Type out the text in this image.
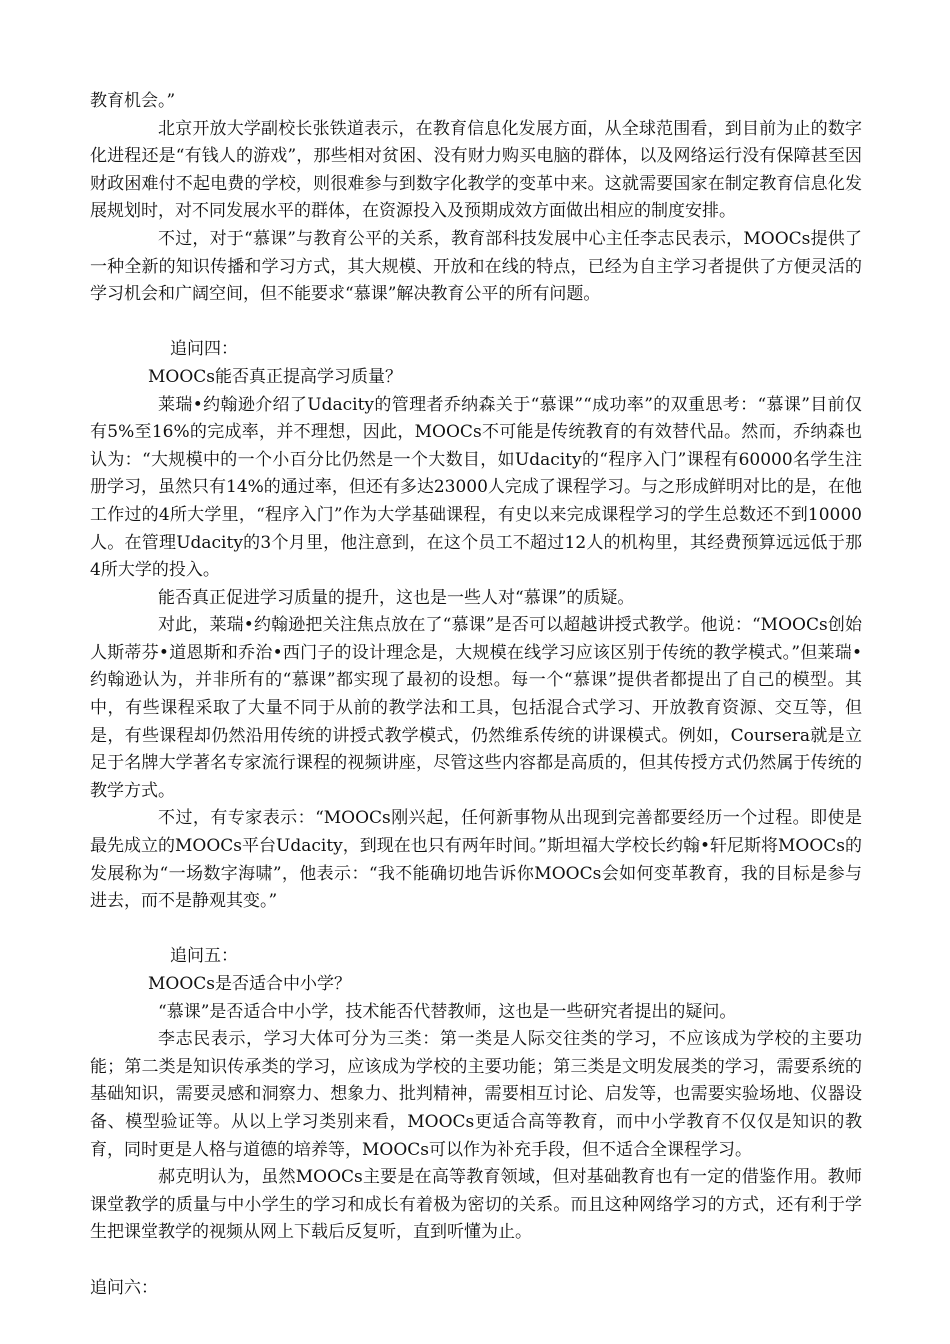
教育机会。”

北京开放大学副校长张铁道表示，在教育信息化发展方面，从全球范围看，到目前为止的数字化进程还是“有钱人的游戏”，那些相对贫困、没有财力购买电脑的群体，以及网络运行没有保障甚至因财政困难付不起电费的学校，则很难参与到数字化教学的变革中来。这就需要国家在制定教育信息化发展规划时，对不同发展水平的群体，在资源投入及预期成效方面做出相应的制度安排。

不过，对于“慕课”与教育公平的关系，教育部科技发展中心主任李志民表示，MOOCs提供了一种全新的知识传播和学习方式，其大规模、开放和在线的特点，已经为自主学习者提供了方便灵活的学习机会和广阔空间，但不能要求“慕课”解决教育公平的所有问题。

追问四：

MOOCs能否真正提高学习质量？

莱瑞•约翰逊介绍了Udacity的管理者乔纳森关于“慕课”“成功率”的双重思考：“慕课”目前仅有5%至16%的完成率，并不理想，因此，MOOCs不可能是传统教育的有效替代品。然而，乔纳森也认为：“大规模中的一个小百分比仍然是一个大数目，如Udacity的“程序入门”课程有60000名学生注册学习，虽然只有14%的通过率，但还有多达23000人完成了课程学习。与之形成鲜明对比的是，在他工作过的4所大学里，“程序入门”作为大学基础课程，有史以来完成课程学习的学生总数还不到10000人。在管理Udacity的3个月里，他注意到，在这个员工不超过12人的机构里，其经费预算远远低于那4所大学的投入。

能否真正促进学习质量的提升，这也是一些人对“慕课”的质疑。

对此，莱瑞•约翰逊把关注焦点放在了“慕课”是否可以超越讲授式教学。他说：“MOOCs创始人斯蒂芬•道恩斯和乔治•西门子的设计理念是，大规模在线学习应该区别于传统的教学模式。”但莱瑞•约翰逊认为，并非所有的“慕课”都实现了最初的设想。每一个“慕课”提供者都提出了自己的模型。其中，有些课程采取了大量不同于从前的教学法和工具，包括混合式学习、开放教育资源、交互等，但是，有些课程却仍然沿用传统的讲授式教学模式，仍然维系传统的讲课模式。例如，Coursera就是立足于名牌大学著名专家流行课程的视频讲座，尽管这些内容都是高质的，但其传授方式仍然属于传统的教学方式。

不过，有专家表示：“MOOCs刚兴起，任何新事物从出现到完善都要经历一个过程。即使是最先成立的MOOCs平台Udacity，到现在也只有两年时间。”斯坦福大学校长约翰•轩尼斯将MOOCs的发展称为“一场数字海啸”，他表示：“我不能确切地告诉你MOOCs会如何变革教育，我的目标是参与进去，而不是静观其变。”

追问五：

MOOCs是否适合中小学？

“慕课”是否适合中小学，技术能否代替教师，这也是一些研究者提出的疑问。

李志民表示，学习大体可分为三类：第一类是人际交往类的学习，不应该成为学校的主要功能；第二类是知识传承类的学习，应该成为学校的主要功能；第三类是文明发展类的学习，需要系统的基础知识，需要灵感和洞察力、想象力、批判精神，需要相互讨论、启发等，也需要实验场地、仪器设备、模型验证等。从以上学习类别来看，MOOCs更适合高等教育，而中小学教育不仅仅是知识的教育，同时更是人格与道德的培养等，MOOCs可以作为补充手段，但不适合全课程学习。

郝克明认为，虽然MOOCs主要是在高等教育领域，但对基础教育也有一定的借鉴作用。教师课堂教学的质量与中小学生的学习和成长有着极为密切的关系。而且这种网络学习的方式，还有利于学生把课堂教学的视频从网上下载后反复听，直到听懂为止。

追问六：
